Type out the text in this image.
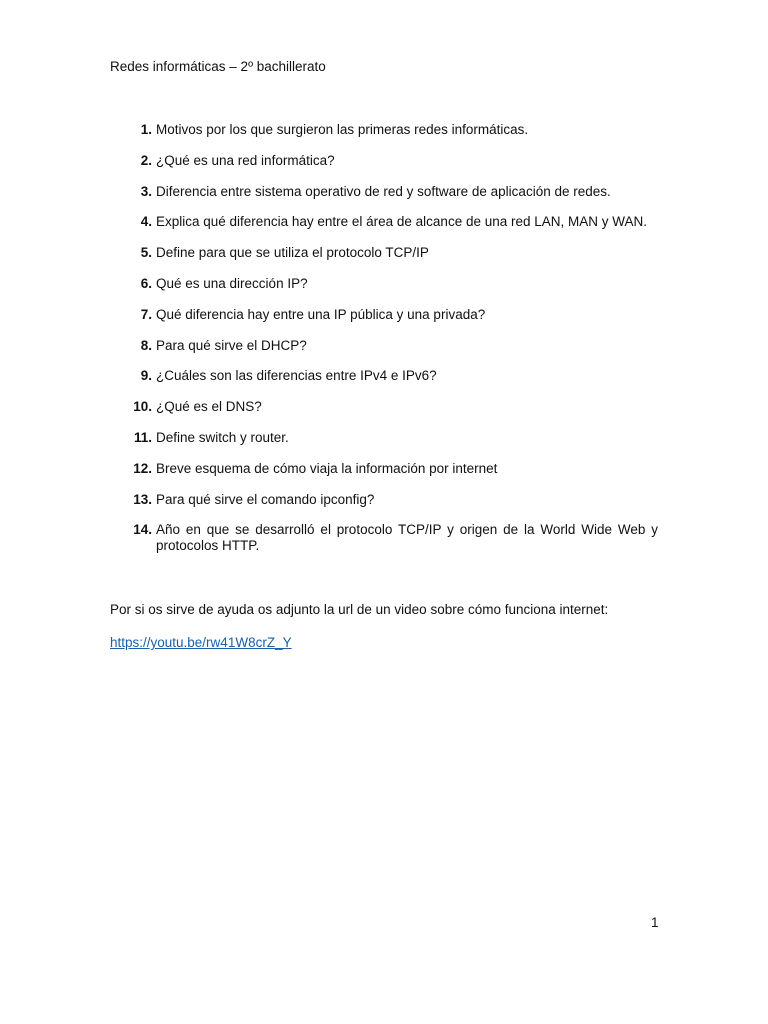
Redes informáticas – 2º bachillerato
1. Motivos por los que surgieron las primeras redes informáticas.
2. ¿Qué es una red informática?
3. Diferencia entre sistema operativo de red y software de aplicación de redes.
4. Explica qué diferencia hay entre el área de alcance de una red LAN, MAN y WAN.
5. Define para que se utiliza el protocolo TCP/IP
6. Qué es una dirección IP?
7. Qué diferencia hay entre una IP pública y una privada?
8. Para qué sirve el DHCP?
9. ¿Cuáles son las diferencias entre IPv4 e IPv6?
10. ¿Qué es el DNS?
11. Define switch y router.
12. Breve esquema de cómo viaja la información por internet
13. Para qué sirve el comando ipconfig?
14. Año en que se desarrolló el protocolo TCP/IP y origen de la World Wide Web y protocolos HTTP.
Por si os sirve de ayuda os adjunto la url de un video sobre cómo funciona internet:
https://youtu.be/rw41W8crZ_Y
1
